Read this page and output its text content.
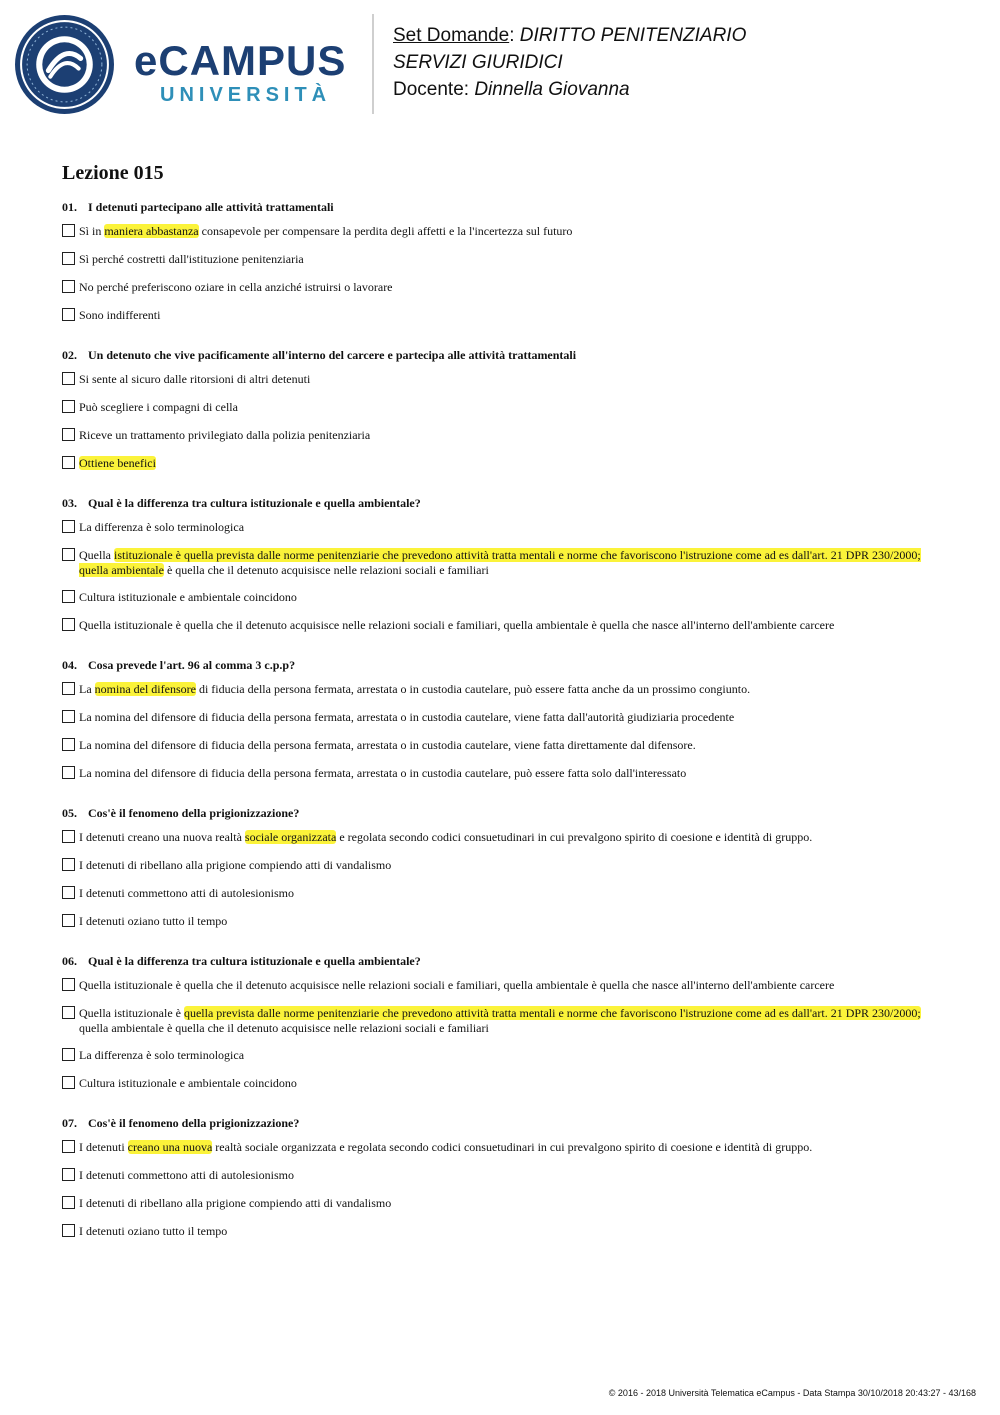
eCAMPUS
UNIVERSITÀ
Set Domande: DIRITTO PENITENZIARIO
SERVIZI GIURIDICI
Docente: Dinnella Giovanna
Lezione 015
01. I detenuti partecipano alle attività trattamentali
Sì in maniera abbastanza consapevole per compensare la perdita degli affetti e la l'incertezza sul futuro
Sì perché costretti dall'istituzione penitenziaria
No perché preferiscono oziare in cella anziché istruirsi o lavorare
Sono indifferenti
02. Un detenuto che vive pacificamente all'interno del carcere e partecipa alle attività trattamentali
Si sente al sicuro dalle ritorsioni di altri detenuti
Può scegliere i compagni di cella
Riceve un trattamento privilegiato dalla polizia penitenziaria
Ottiene benefici
03. Qual è la differenza tra cultura istituzionale e quella ambientale?
La differenza è solo terminologica
Quella istituzionale è quella prevista dalle norme penitenziarie che prevedono attività tratta mentali e norme che favoriscono l'istruzione come ad es dall'art. 21 DPR 230/2000; quella ambientale è quella che il detenuto acquisisce nelle relazioni sociali e familiari
Cultura istituzionale e ambientale coincidono
Quella istituzionale è quella che il detenuto acquisisce nelle relazioni sociali e familiari, quella ambientale è quella che nasce all'interno dell'ambiente carcere
04. Cosa prevede l'art. 96 al comma 3 c.p.p?
La nomina del difensore di fiducia della persona fermata, arrestata o in custodia cautelare, può essere fatta anche da un prossimo congiunto.
La nomina del difensore di fiducia della persona fermata, arrestata o in custodia cautelare, viene fatta dall'autorità giudiziaria procedente
La nomina del difensore di fiducia della persona fermata, arrestata o in custodia cautelare, viene fatta direttamente dal difensore.
La nomina del difensore di fiducia della persona fermata, arrestata o in custodia cautelare, può essere fatta solo dall'interessato
05. Cos'è il fenomeno della prigionizzazione?
I detenuti creano una nuova realtà sociale organizzata e regolata secondo codici consuetudinari in cui prevalgono spirito di coesione e identità di gruppo.
I detenuti di ribellano alla prigione compiendo atti di vandalismo
I detenuti commettono atti di autolesionismo
I detenuti oziano tutto il tempo
06. Qual è la differenza tra cultura istituzionale e quella ambientale?
Quella istituzionale è quella che il detenuto acquisisce nelle relazioni sociali e familiari, quella ambientale è quella che nasce all'interno dell'ambiente carcere
Quella istituzionale è quella prevista dalle norme penitenziarie che prevedono attività tratta mentali e norme che favoriscono l'istruzione come ad es dall'art. 21 DPR 230/2000; quella ambientale è quella che il detenuto acquisisce nelle relazioni sociali e familiari
La differenza è solo terminologica
Cultura istituzionale e ambientale coincidono
07. Cos'è il fenomeno della prigionizzazione?
I detenuti creano una nuova realtà sociale organizzata e regolata secondo codici consuetudinari in cui prevalgono spirito di coesione e identità di gruppo.
I detenuti commettono atti di autolesionismo
I detenuti di ribellano alla prigione compiendo atti di vandalismo
I detenuti oziano tutto il tempo
© 2016 - 2018 Università Telematica eCampus - Data Stampa 30/10/2018 20:43:27 - 43/168
